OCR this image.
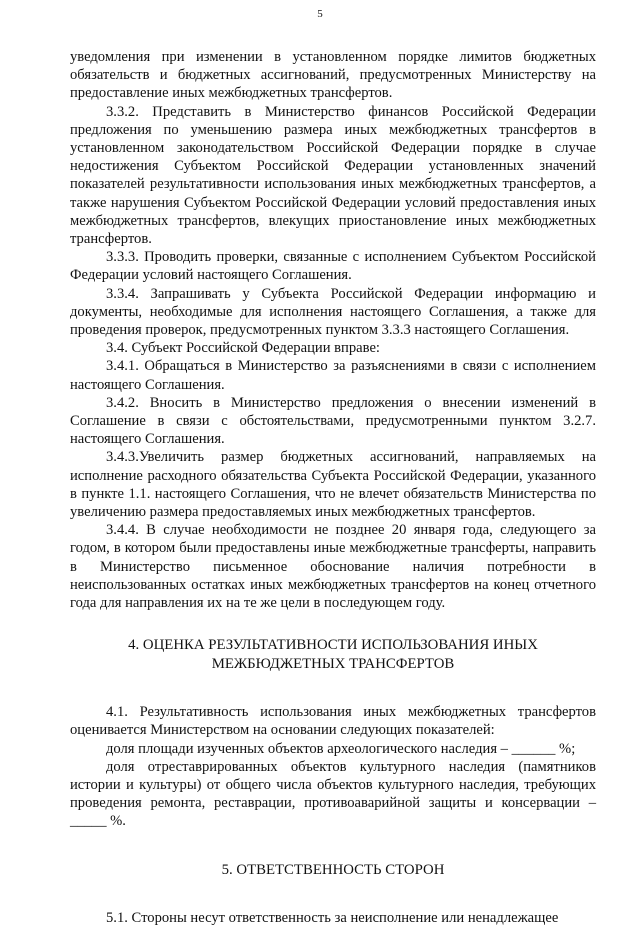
5

уведомления при изменении в установленном порядке лимитов бюджетных обязательств и бюджетных ассигнований, предусмотренных Министерству на предоставление иных межбюджетных трансфертов.

3.3.2. Представить в Министерство финансов Российской Федерации предложения по уменьшению размера иных межбюджетных трансфертов в установленном законодательством Российской Федерации порядке в случае недостижения Субъектом Российской Федерации установленных значений показателей результативности использования иных межбюджетных трансфертов, а также нарушения Субъектом Российской Федерации условий предоставления иных межбюджетных трансфертов, влекущих приостановление иных межбюджетных трансфертов.

3.3.3. Проводить проверки, связанные с исполнением Субъектом Российской Федерации условий настоящего Соглашения.

3.3.4. Запрашивать у Субъекта Российской Федерации информацию и документы, необходимые для исполнения настоящего Соглашения, а также для проведения проверок, предусмотренных пунктом 3.3.3 настоящего Соглашения.

3.4. Субъект Российской Федерации вправе:

3.4.1. Обращаться в Министерство за разъяснениями в связи с исполнением настоящего Соглашения.

3.4.2. Вносить в Министерство предложения о внесении изменений в Соглашение в связи с обстоятельствами, предусмотренными пунктом 3.2.7. настоящего Соглашения.

3.4.3.Увеличить размер бюджетных ассигнований, направляемых на исполнение расходного обязательства Субъекта Российской Федерации, указанного в пункте 1.1. настоящего Соглашения, что не влечет обязательств Министерства по увеличению размера предоставляемых иных межбюджетных трансфертов.

3.4.4. В случае необходимости не позднее 20 января года, следующего за годом, в котором были предоставлены иные межбюджетные трансферты, направить в Министерство письменное обоснование наличия потребности в неиспользованных остатках иных межбюджетных трансфертов на конец отчетного года для направления их на те же цели в последующем году.

4. ОЦЕНКА РЕЗУЛЬТАТИВНОСТИ ИСПОЛЬЗОВАНИЯ ИНЫХ
МЕЖБЮДЖЕТНЫХ ТРАНСФЕРТОВ

4.1. Результативность использования иных межбюджетных трансфертов оценивается Министерством на основании следующих показателей:

доля площади изученных объектов археологического наследия – ______ %;

доля отреставрированных объектов культурного наследия (памятников истории и культуры) от общего числа объектов культурного наследия, требующих проведения ремонта, реставрации, противоаварийной защиты и консервации – _____ %.

5. ОТВЕТСТВЕННОСТЬ СТОРОН

5.1. Стороны несут ответственность за неисполнение или ненадлежащее
